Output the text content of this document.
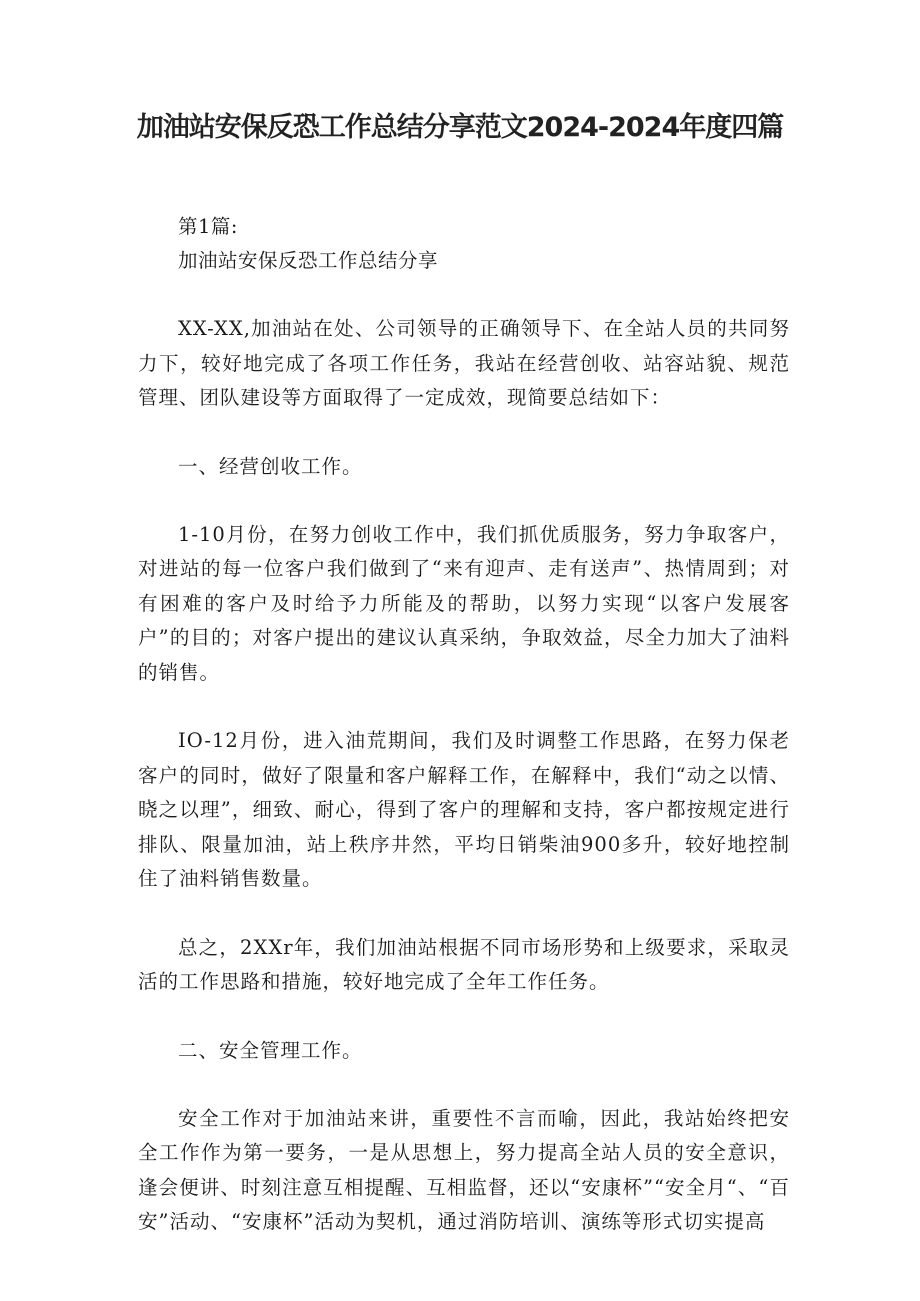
加油站安保反恐工作总结分享范文2024-2024年度四篇

第1篇:

加油站安保反恐工作总结分享

XX-XX,加油站在处、公司领导的正确领导下、在全站人员的共同努力下，较好地完成了各项工作任务，我站在经营创收、站容站貌、规范管理、团队建设等方面取得了一定成效，现简要总结如下：

一、经营创收工作。

1-10月份，在努力创收工作中，我们抓优质服务，努力争取客户，对进站的每一位客户我们做到了“来有迎声、走有送声”、热情周到；对有困难的客户及时给予力所能及的帮助，以努力实现“以客户发展客户”的目的；对客户提出的建议认真采纳，争取效益，尽全力加大了油料的销售。

IO-12月份，进入油荒期间，我们及时调整工作思路，在努力保老客户的同时，做好了限量和客户解释工作，在解释中，我们“动之以情、晓之以理”，细致、耐心，得到了客户的理解和支持，客户都按规定进行排队、限量加油，站上秩序井然，平均日销柴油900多升，较好地控制住了油料销售数量。

总之，2XXr年，我们加油站根据不同市场形势和上级要求，采取灵活的工作思路和措施，较好地完成了全年工作任务。

二、安全管理工作。

安全工作对于加油站来讲，重要性不言而喻，因此，我站始终把安全工作作为第一要务，一是从思想上，努力提高全站人员的安全意识，逢会便讲、时刻注意互相提醒、互相监督，还以“安康杯”“安全月“、“百安”活动、“安康杯”活动为契机，通过消防培训、演练等形式切实提高
